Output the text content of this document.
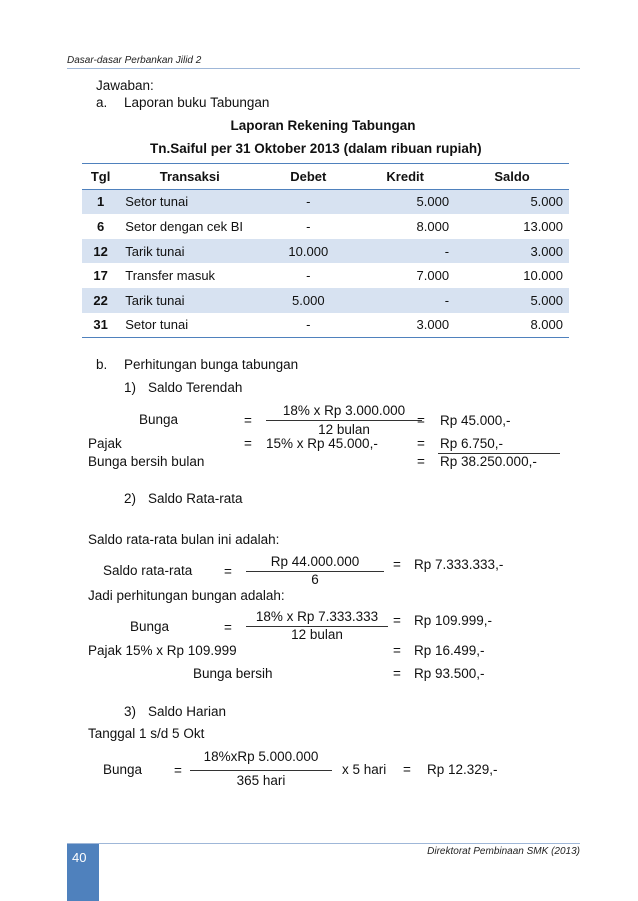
Dasar-dasar Perbankan Jilid 2
Jawaban:
a. Laporan buku Tabungan
Laporan Rekening Tabungan
Tn.Saiful per 31 Oktober 2013 (dalam ribuan rupiah)
Tgl	Transaksi	Debet	Kredit	Saldo
1	Setor tunai	-	5.000	5.000
6	Setor dengan cek BI	-	8.000	13.000
12	Tarik tunai	10.000	-	3.000
17	Transfer masuk	-	7.000	10.000
22	Tarik tunai	5.000	-	5.000
31	Setor tunai	-	3.000	8.000
b. Perhitungan bunga tabungan
1) Saldo Terendah
Bunga	=
18% x Rp 3.000.000
12 bulan
= Rp 45.000,-
Pajak	= 15% x Rp 45.000,-	= Rp 6.750,-
Bunga bersih bulan	= Rp 38.250.000,-
2) Saldo Rata-rata
Saldo rata-rata bulan ini adalah:
Saldo rata-rata =
Rp 44.000.000
6
= Rp 7.333.333,-
Jadi perhitungan bungan adalah:
Bunga	=
18% x Rp 7.333.333
12 bulan
= Rp 109.999,-
Pajak 15% x Rp 109.999	= Rp 16.499,-
Bunga bersih	= Rp 93.500,-
3) Saldo Harian
Tanggal 1 s/d 5 Okt
Bunga =
18%xRp 5.000.000
365 hari
x 5 hari = Rp 12.329,-
40	Direktorat Pembinaan SMK (2013)
